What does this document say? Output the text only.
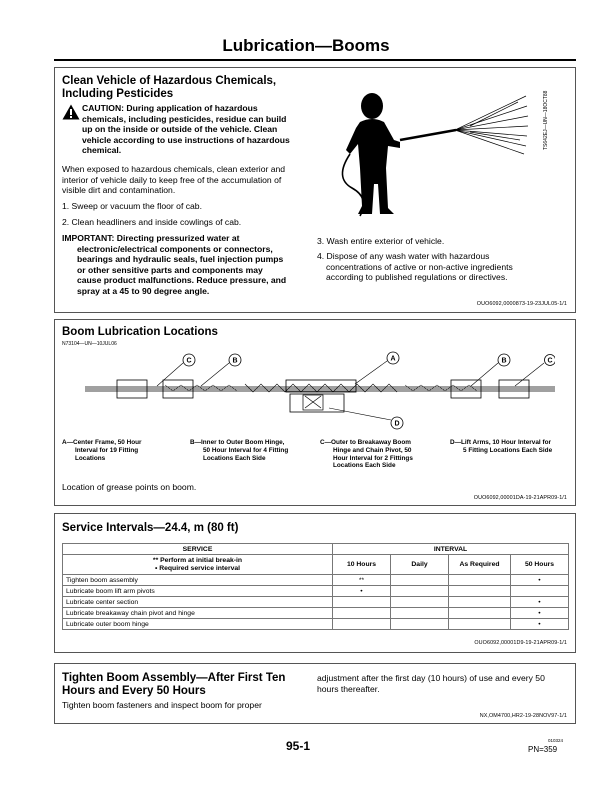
Lubrication—Booms
Clean Vehicle of Hazardous Chemicals,
Including Pesticides
CAUTION: During application of hazardous
chemicals, including pesticides, residue can build
up on the inside or outside of the vehicle. Clean
vehicle according to use instructions of hazardous
chemical.
When exposed to hazardous chemicals, clean exterior and
interior of vehicle daily to keep free of the accumulation of
visible dirt and contamination.
1. Sweep or vacuum the floor of cab.
2. Clean headliners and inside cowlings of cab.
IMPORTANT: Directing pressurized water at
electronic/electrical components or connectors,
bearings and hydraulic seals, fuel injection pumps
or other sensitive parts and components may
cause product malfunctions. Reduce pressure, and
spray at a 45 to 90 degree angle.
3. Wash entire exterior of vehicle.
4. Dispose of any wash water with hazardous
concentrations of active or non-active ingredients
according to published regulations or directives.
TS642EJ—UN—18OCT88
OUO6092,0000873-19-23JUL05-1/1
Boom Lubrication Locations
N73104—UN—10JUL06
C	B	A	B	C
D
A—Center Frame, 50 Hour
Interval for 19 Fitting
Locations
B—Inner to Outer Boom Hinge,
50 Hour Interval for 4 Fitting
Locations Each Side
C—Outer to Breakaway Boom
Hinge and Chain Pivot, 50
Hour Interval for 2 Fittings
Locations Each Side
D—Lift Arms, 10 Hour Interval for
5 Fitting Locations Each Side
Location of grease points on boom.
OUO6092,00001DA-19-21APR09-1/1
Service Intervals—24.4, m (80 ft)
SERVICE	INTERVAL			

** Perform at initial break-in
• Required service interval	10 Hours	Daily	As Required	50 Hours
Tighten boom assembly	**			•
Lubricate boom lift arm pivots	•			
Lubricate center section				•
Lubricate breakaway chain pivot and hinge				•
Lubricate outer boom hinge				•
OUO6092,00001D9-19-21APR09-1/1
Tighten Boom Assembly—After First Ten
Hours and Every 50 Hours
Tighten boom fasteners and inspect boom for proper
adjustment after the first day (10 hours) of use and every 50
hours thereafter.
NX,OM4700,HR2-19-28NOV97-1/1
95-1	010324
PN=359
